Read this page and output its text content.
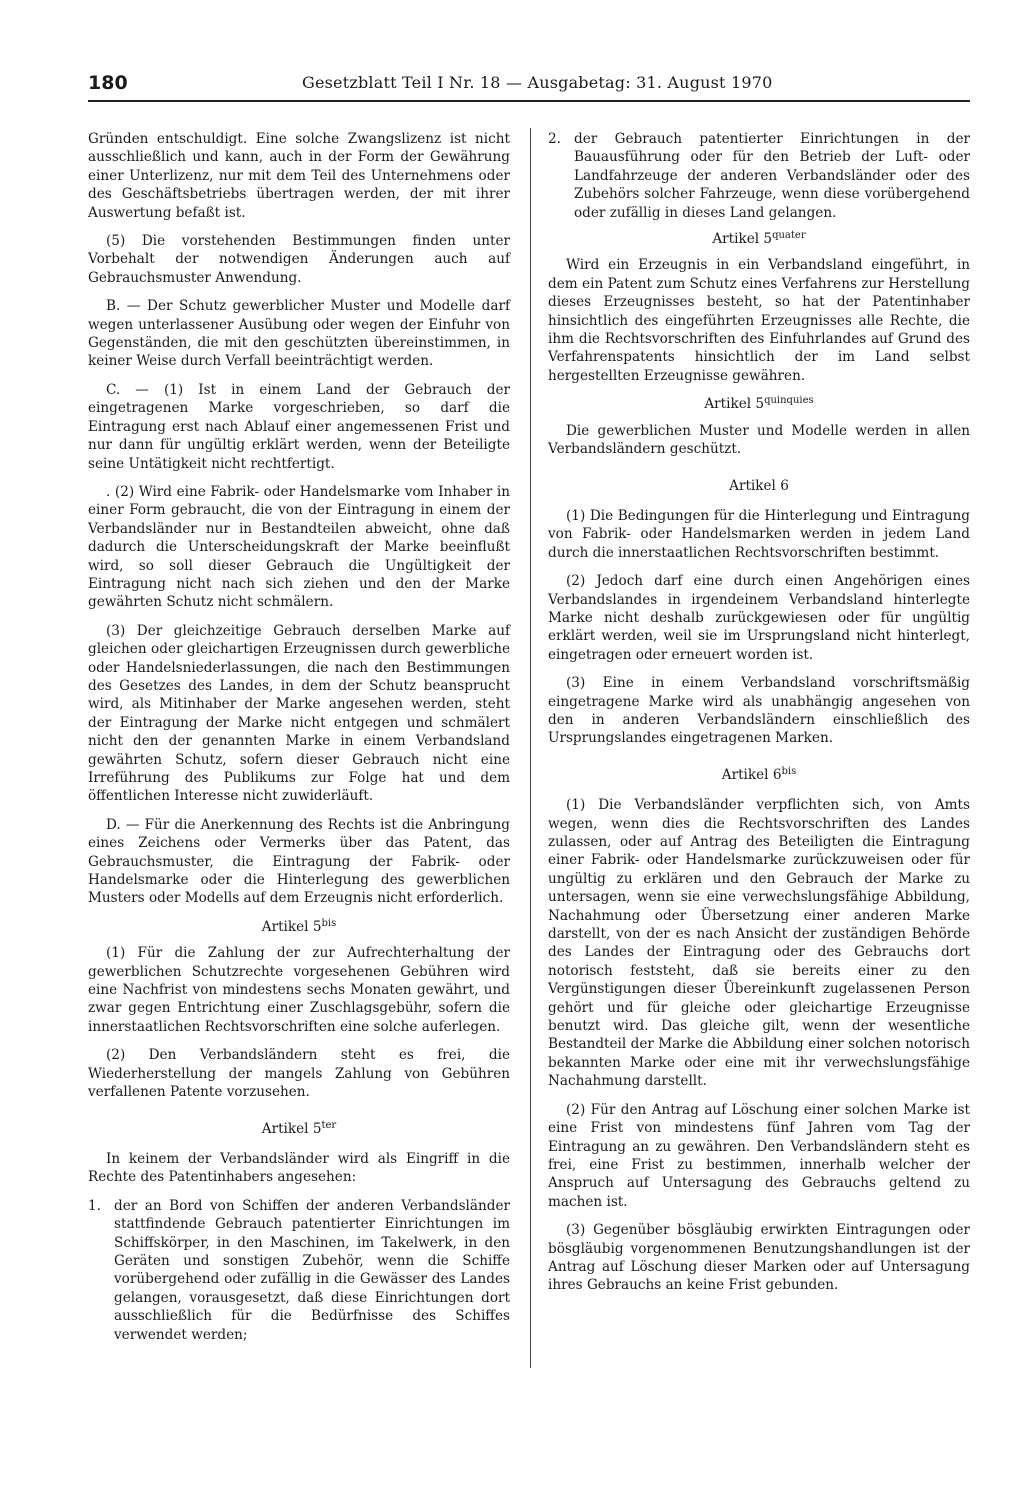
180	Gesetzblatt Teil I Nr. 18 — Ausgabetag: 31. August 1970

Gründen entschuldigt. Eine solche Zwangslizenz ist nicht ausschließlich und kann, auch in der Form der Gewährung einer Unterlizenz, nur mit dem Teil des Unternehmens oder des Geschäftsbetriebs übertragen werden, der mit ihrer Auswertung befaßt ist.

(5) Die vorstehenden Bestimmungen finden unter Vorbehalt der notwendigen Änderungen auch auf Gebrauchsmuster Anwendung.

B. — Der Schutz gewerblicher Muster und Modelle darf wegen unterlassener Ausübung oder wegen der Einfuhr von Gegenständen, die mit den geschützten übereinstimmen, in keiner Weise durch Verfall beeinträchtigt werden.

C. — (1) Ist in einem Land der Gebrauch der eingetragenen Marke vorgeschrieben, so darf die Eintragung erst nach Ablauf einer angemessenen Frist und nur dann für ungültig erklärt werden, wenn der Beteiligte seine Untätigkeit nicht rechtfertigt.

. (2) Wird eine Fabrik- oder Handelsmarke vom Inhaber in einer Form gebraucht, die von der Eintragung in einem der Verbandsländer nur in Bestandteilen abweicht, ohne daß dadurch die Unterscheidungskraft der Marke beeinflußt wird, so soll dieser Gebrauch die Ungültigkeit der Eintragung nicht nach sich ziehen und den der Marke gewährten Schutz nicht schmälern.

(3) Der gleichzeitige Gebrauch derselben Marke auf gleichen oder gleichartigen Erzeugnissen durch gewerbliche oder Handelsniederlassungen, die nach den Bestimmungen des Gesetzes des Landes, in dem der Schutz beansprucht wird, als Mitinhaber der Marke angesehen werden, steht der Eintragung der Marke nicht entgegen und schmälert nicht den der genannten Marke in einem Verbandsland gewährten Schutz, sofern dieser Gebrauch nicht eine Irreführung des Publikums zur Folge hat und dem öffentlichen Interesse nicht zuwiderläuft.

D. — Für die Anerkennung des Rechts ist die Anbringung eines Zeichens oder Vermerks über das Patent, das Gebrauchsmuster, die Eintragung der Fabrik- oder Handelsmarke oder die Hinterlegung des gewerblichen Musters oder Modells auf dem Erzeugnis nicht erforderlich.

Artikel $5^{bis}$

(1) Für die Zahlung der zur Aufrechterhaltung der gewerblichen Schutzrechte vorgesehenen Gebühren wird eine Nachfrist von mindestens sechs Monaten gewährt, und zwar gegen Entrichtung einer Zuschlagsgebühr, sofern die innerstaatlichen Rechtsvorschriften eine solche auferlegen.

(2) Den Verbandsländern steht es frei, die Wiederherstellung der mangels Zahlung von Gebühren verfallenen Patente vorzusehen.

Artikel $5^{ter}$

In keinem der Verbandsländer wird als Eingriff in die Rechte des Patentinhabers angesehen:

1. der an Bord von Schiffen der anderen Verbandsländer stattfindende Gebrauch patentierter Einrichtungen im Schiffskörper, in den Maschinen, im Takelwerk, in den Geräten und sonstigen Zubehör, wenn die Schiffe vorübergehend oder zufällig in die Gewässer des Landes gelangen, vorausgesetzt, daß diese Einrichtungen dort ausschließlich für die Bedürfnisse des Schiffes verwendet werden;
2. der Gebrauch patentierter Einrichtungen in der Bauausführung oder für den Betrieb der Luft- oder Landfahrzeuge der anderen Verbandsländer oder des Zubehörs solcher Fahrzeuge, wenn diese vorübergehend oder zufällig in dieses Land gelangen.
Artikel $5^{quater}$

Wird ein Erzeugnis in ein Verbandsland eingeführt, in dem ein Patent zum Schutz eines Verfahrens zur Herstellung dieses Erzeugnisses besteht, so hat der Patentinhaber hinsichtlich des eingeführten Erzeugnisses alle Rechte, die ihm die Rechtsvorschriften des Einfuhrlandes auf Grund des Verfahrenspatents hinsichtlich der im Land selbst hergestellten Erzeugnisse gewähren.

Artikel $5^{quinquies}$

Die gewerblichen Muster und Modelle werden in allen Verbandsländern geschützt.

Artikel 6

(1) Die Bedingungen für die Hinterlegung und Eintragung von Fabrik- oder Handelsmarken werden in jedem Land durch die innerstaatlichen Rechtsvorschriften bestimmt.

(2) Jedoch darf eine durch einen Angehörigen eines Verbandslandes in irgendeinem Verbandsland hinterlegte Marke nicht deshalb zurückgewiesen oder für ungültig erklärt werden, weil sie im Ursprungsland nicht hinterlegt, eingetragen oder erneuert worden ist.

(3) Eine in einem Verbandsland vorschriftsmäßig eingetragene Marke wird als unabhängig angesehen von den in anderen Verbandsländern einschließlich des Ursprungslandes eingetragenen Marken.

Artikel $6^{bis}$

(1) Die Verbandsländer verpflichten sich, von Amts wegen, wenn dies die Rechtsvorschriften des Landes zulassen, oder auf Antrag des Beteiligten die Eintragung einer Fabrik- oder Handelsmarke zurückzuweisen oder für ungültig zu erklären und den Gebrauch der Marke zu untersagen, wenn sie eine verwechslungsfähige Abbildung, Nachahmung oder Übersetzung einer anderen Marke darstellt, von der es nach Ansicht der zuständigen Behörde des Landes der Eintragung oder des Gebrauchs dort notorisch feststeht, daß sie bereits einer zu den Vergünstigungen dieser Übereinkunft zugelassenen Person gehört und für gleiche oder gleichartige Erzeugnisse benutzt wird. Das gleiche gilt, wenn der wesentliche Bestandteil der Marke die Abbildung einer solchen notorisch bekannten Marke oder eine mit ihr verwechslungsfähige Nachahmung darstellt.

(2) Für den Antrag auf Löschung einer solchen Marke ist eine Frist von mindestens fünf Jahren vom Tag der Eintragung an zu gewähren. Den Verbandsländern steht es frei, eine Frist zu bestimmen, innerhalb welcher der Anspruch auf Untersagung des Gebrauchs geltend zu machen ist.

(3) Gegenüber bösgläubig erwirkten Eintragungen oder bösgläubig vorgenommenen Benutzungshandlungen ist der Antrag auf Löschung dieser Marken oder auf Untersagung ihres Gebrauchs an keine Frist gebunden.
